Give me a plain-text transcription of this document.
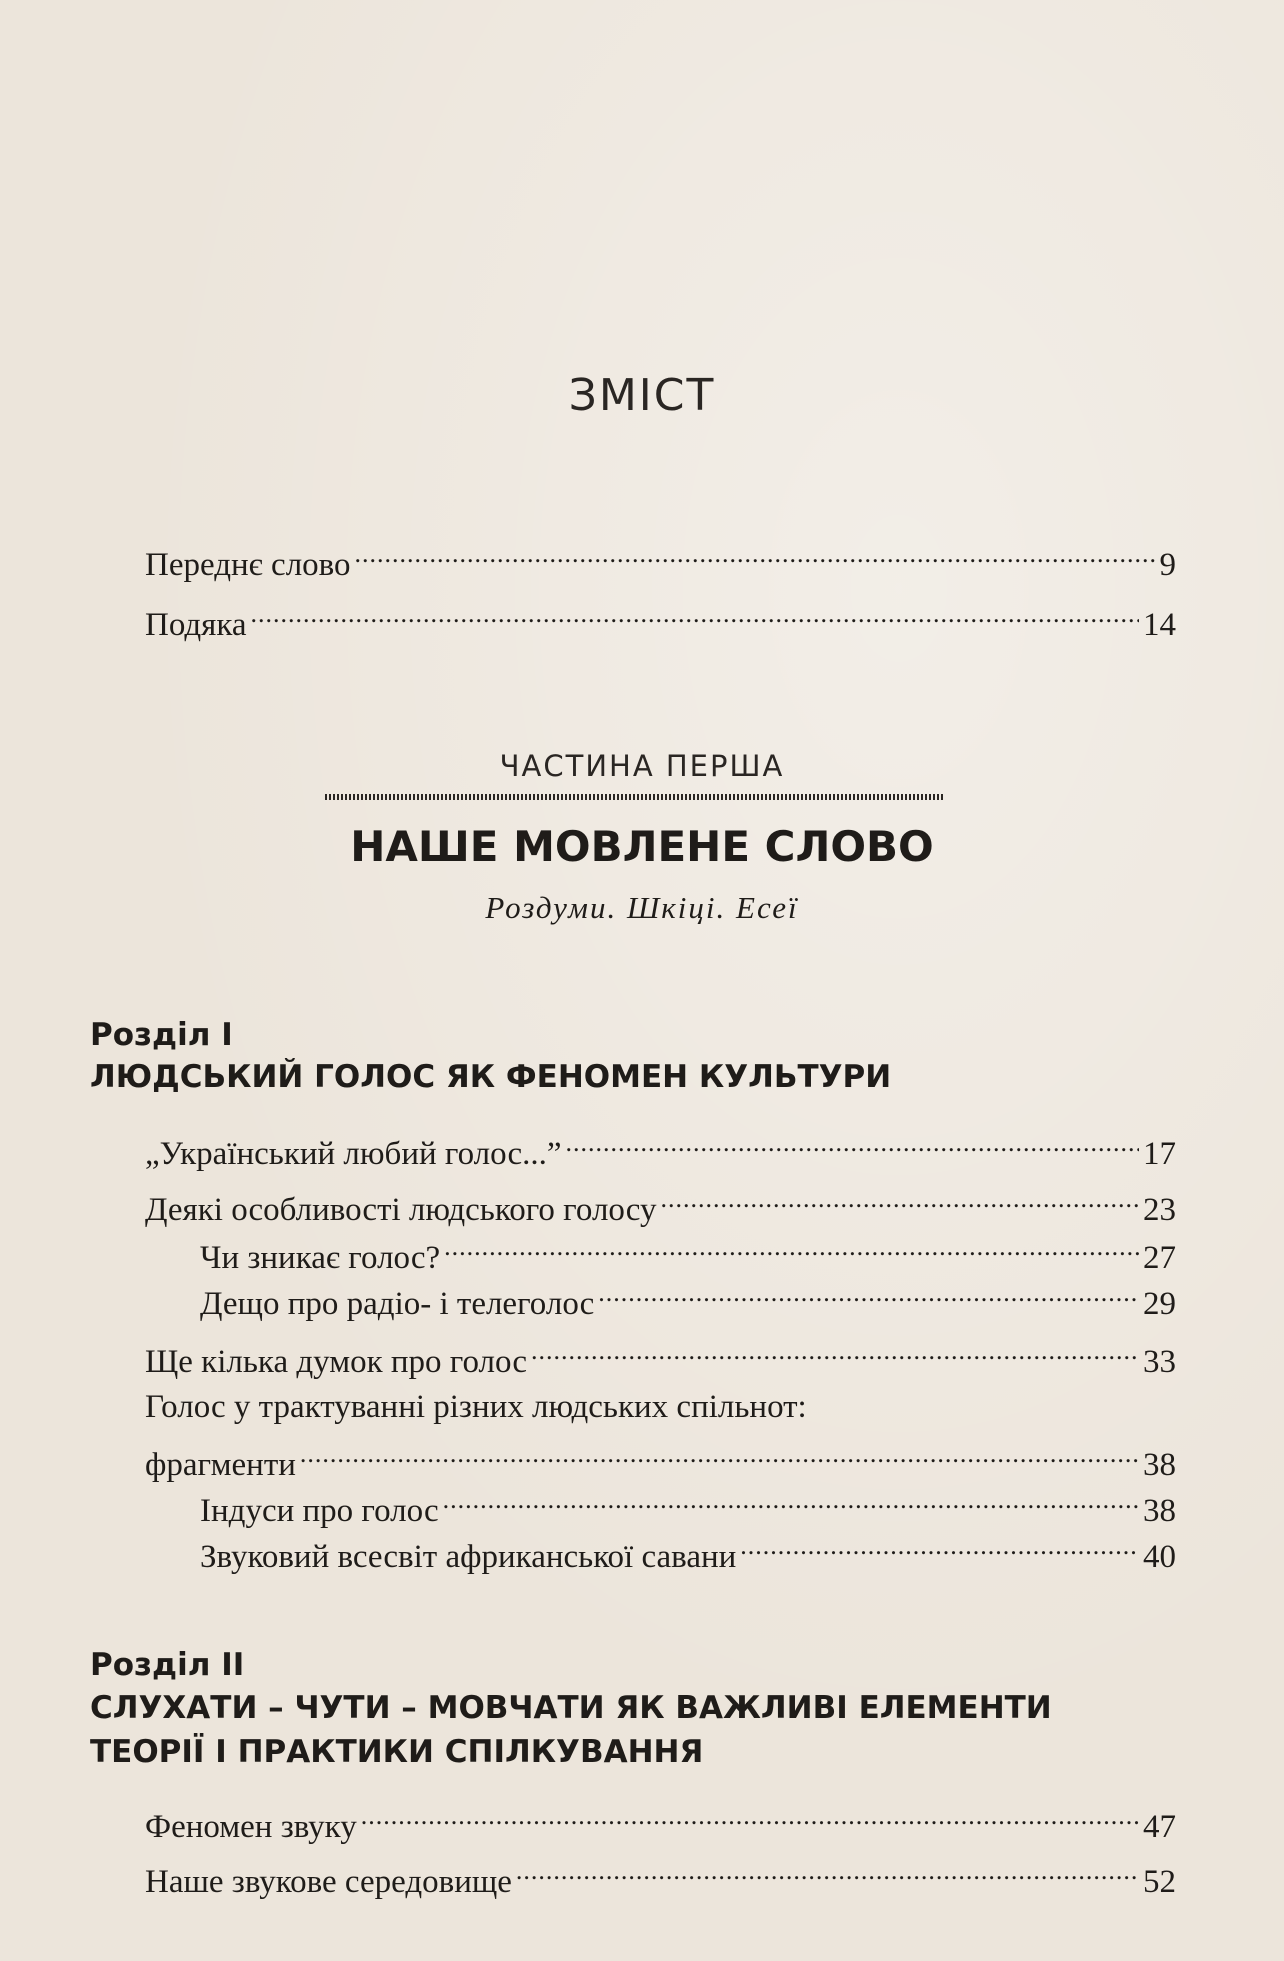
ЗМІСТ
Переднє слово .....	9
Подяка .....	14
ЧАСТИНА ПЕРША
НАШЕ МОВЛЕНЕ СЛОВО
Роздуми. Шкіці. Есеї
Розділ І
ЛЮДСЬКИЙ ГОЛОС ЯК ФЕНОМЕН КУЛЬТУРИ
„Український любий голос...” .....	17
Деякі особливості людського голосу .....	23
Чи зникає голос? .....	27
Дещо про радіо- і телеголос .....	29
Ще кілька думок про голос .....	33
Голос у трактуванні різних людських спільнот:
фрагменти .....	38
Індуси про голос .....	38
Звуковий всесвіт африканської савани .....	40
Розділ ІІ
СЛУХАТИ – ЧУТИ – МОВЧАТИ ЯК ВАЖЛИВІ ЕЛЕМЕНТИ
ТЕОРІЇ І ПРАКТИКИ СПІЛКУВАННЯ
Феномен звуку .....	47
Наше звукове середовище .....	52
